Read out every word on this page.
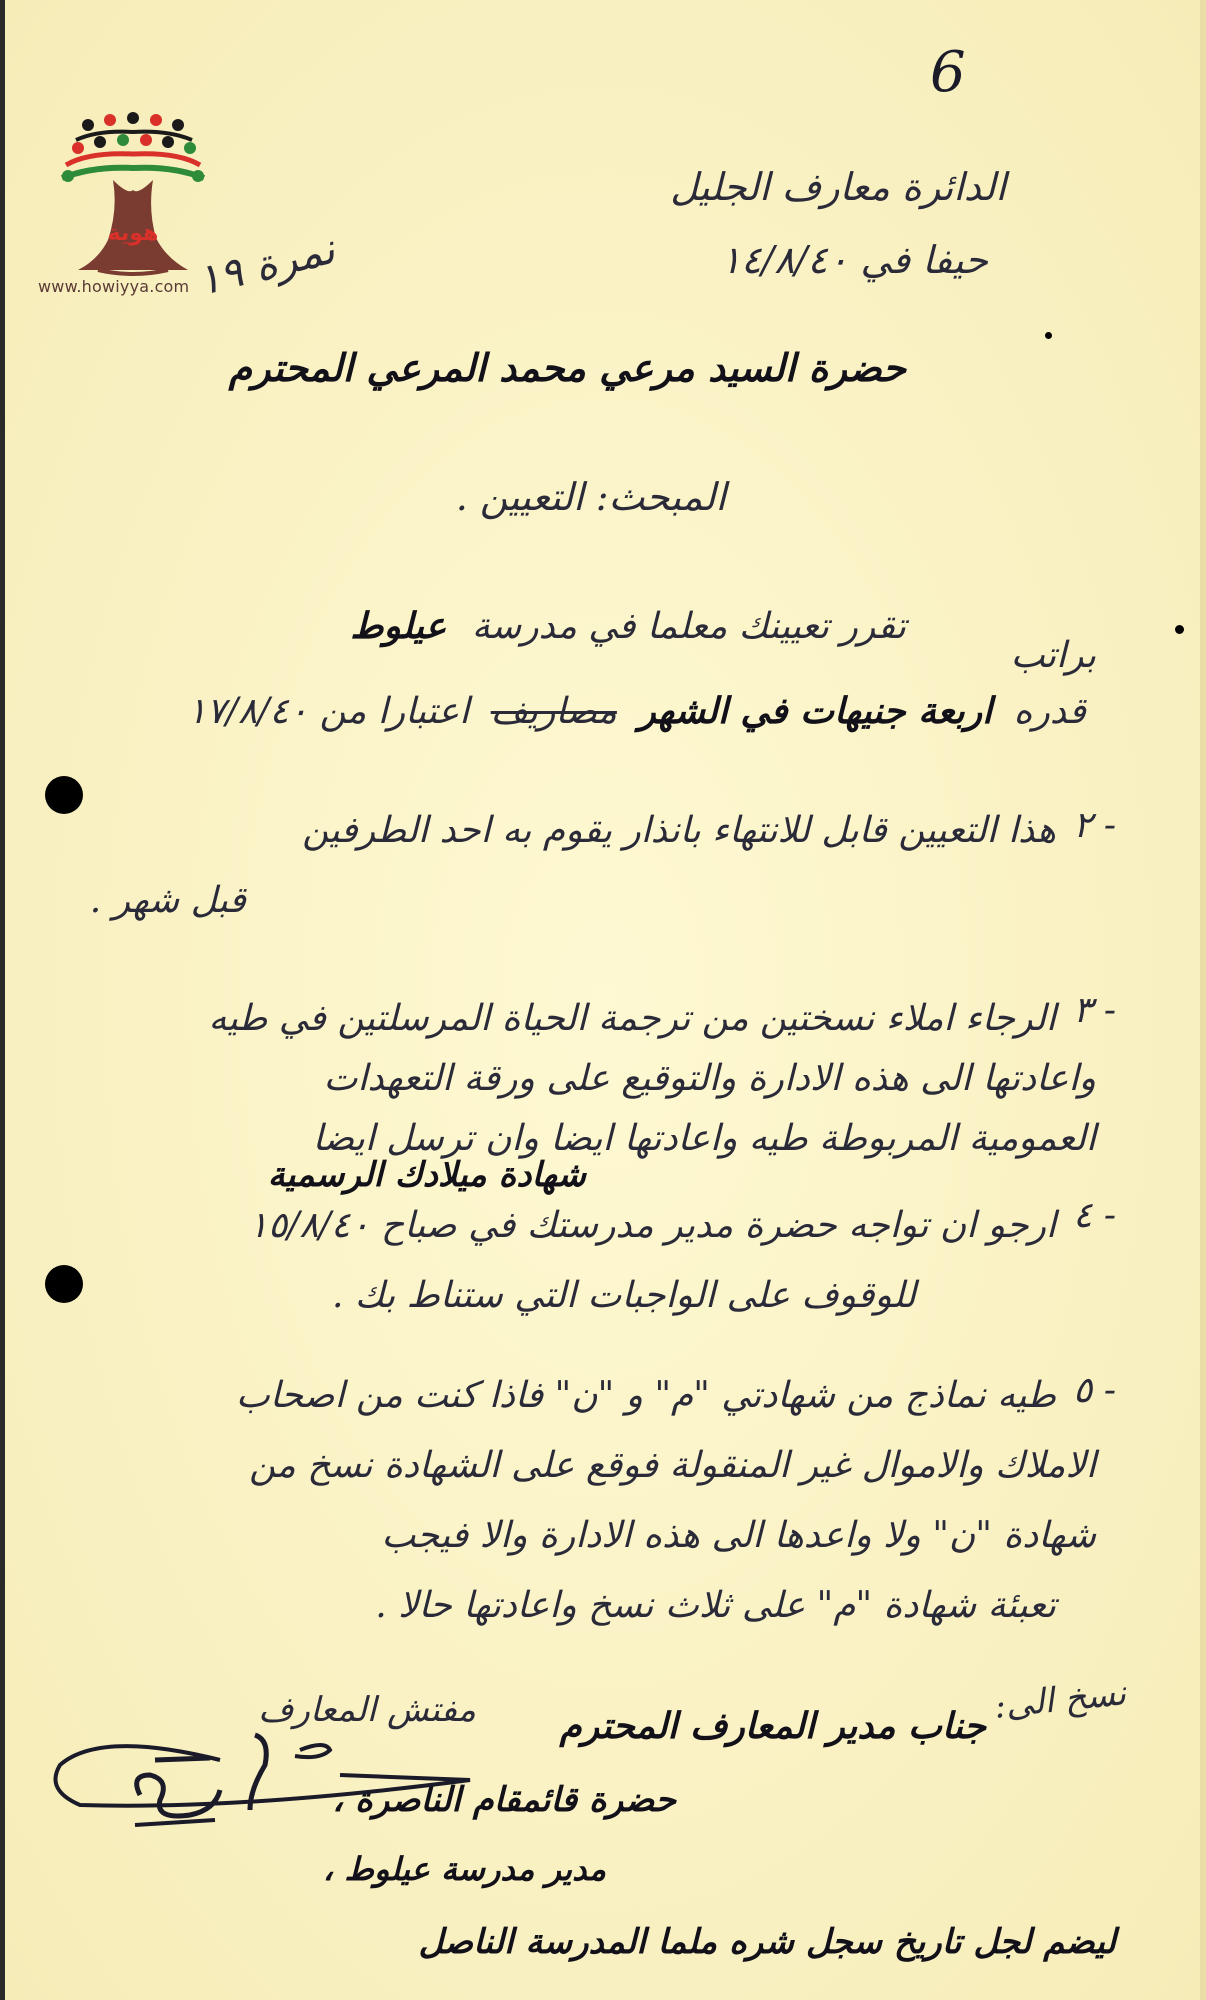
هوية
www.howiyya.com
6
الدائرة معارف الجليل
حيفا في ١٤/٨/٤٠
نمرة ١٩
حضرة السيد مرعي محمد المرعي المحترم
المبحث: التعيين .
تقرر تعيينك معلما في مدرسة عيلوط
براتب
قدره اربعة جنيهات في الشهر مصاريف اعتبارا من ١٧/٨/٤٠
٢ -
هذا التعيين قابل للانتهاء بانذار يقوم به احد الطرفين
قبل شهر .
٣ -
الرجاء املاء نسختين من ترجمة الحياة المرسلتين في طيه
واعادتها الى هذه الادارة والتوقيع على ورقة التعهدات
العمومية المربوطة طيه واعادتها ايضا وان ترسل ايضا
شهادة ميلادك الرسمية
٤ -
ارجو ان تواجه حضرة مدير مدرستك في صباح ١٥/٨/٤٠
للوقوف على الواجبات التي ستناط بك .
٥ -
طيه نماذج من شهادتي "م" و "ن" فاذا كنت من اصحاب
الاملاك والاموال غير المنقولة فوقع على الشهادة نسخ من
شهادة "ن" ولا واعدها الى هذه الادارة والا فيجب
تعبئة شهادة "م" على ثلاث نسخ واعادتها حالا .
نسخ الى:
جناب مدير المعارف المحترم
حضرة قائمقام الناصرة ،
مدير مدرسة عيلوط ،
ليضم لجل تاريخ سجل شره ملما المدرسة الناصل
مفتش المعارف
